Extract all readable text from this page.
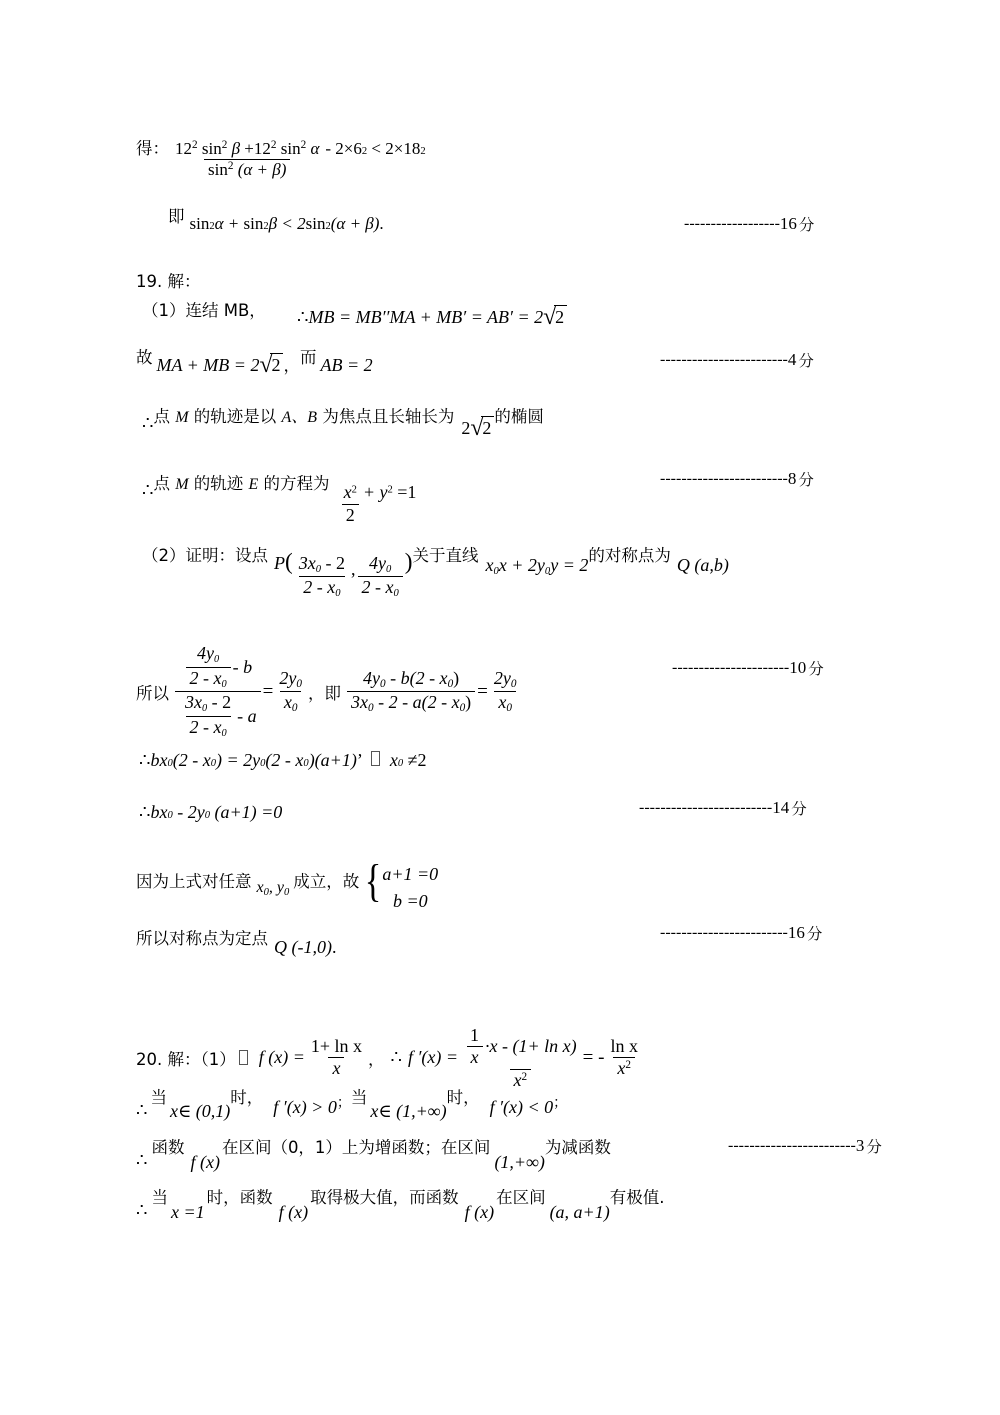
得： $\frac{12^2 \sin^2 \beta +12^2 \sin^2 \alpha}{\sin^2 (\alpha + \beta)} - 2\times 6$ 2 < 2×18 2
即 sin 2 α + sin 2 β < 2 sin 2 (α + β) .	------------------ 16 分
19. 解：
（1）连结 MB， ∴ MB = MB′ ′MA + MB′ = AB′ = 2 √
2
故 MA + MB = 2 √
2 ， 而 AB = 2	------------------------ 4 分
∴ 点 M 的轨迹是以 A、B 为焦点且长轴长为
2 √
2
的椭圆
∴ 点 M 的轨迹 E 的方程为 $\frac{x^2}{2} + y^2 =1$
------------------------ 8 分
（2）证明：设点 P ( $\frac{3x_0 - 2}{2 - x_0}$ , $\frac{4y_0}{2 - x_0}$ ) 关于直线 $x_0x + 2y_0y = 2$ 的对称点为 Q (a,b)
所以 $\frac{\frac{4y_0}{2 - x_0} - b}{\frac{3x_0 - 2}{2 - x_0} - a} = \frac{2y_0}{x_0}$ ，即 $\frac{4y_0 - b(2 - x_0)}{3x_0 - 2 - a(2 - x_0)} = \frac{2y_0}{x_0}$
---------------------- 10 分
∴ bx 0 (2 - x 0 ) = 2y 0 (2 - x 0 )(a+1) ’ x 0 ≠2
∴ bx 0 - 2y 0 (a+1) =0	------------------------- 14 分
因为上式对任意 $x_0$, $y_0$
成立，故 { a+1 =0
b =0
所以对称点为定点 Q (-1,0) .
------------------------ 16 分
20. 解：（1） f $(x) = \frac{\text{1+ ln x}}{x}$ ， ∴ f $'(x) = \frac{\frac{1}{x} \cdot x - (1+ \ln x)}{x^2}$ = - $\frac{\text{ln x}}{x^2}$
∴
当
x∈ (0,1)
时， f ′(x) > 0 ； 当
x∈ (1,+∞)
时， f ′(x) < 0 ；
∴
函数
f (x)
在区间（0，1）上为增函数；在区间
(1,+∞)
为减函数	------------------------ 3 分
∴
当
x =1
时，函数
f (x)
取得极大值，而函数
f (x)
在区间
(a, a+1)
有极值.
